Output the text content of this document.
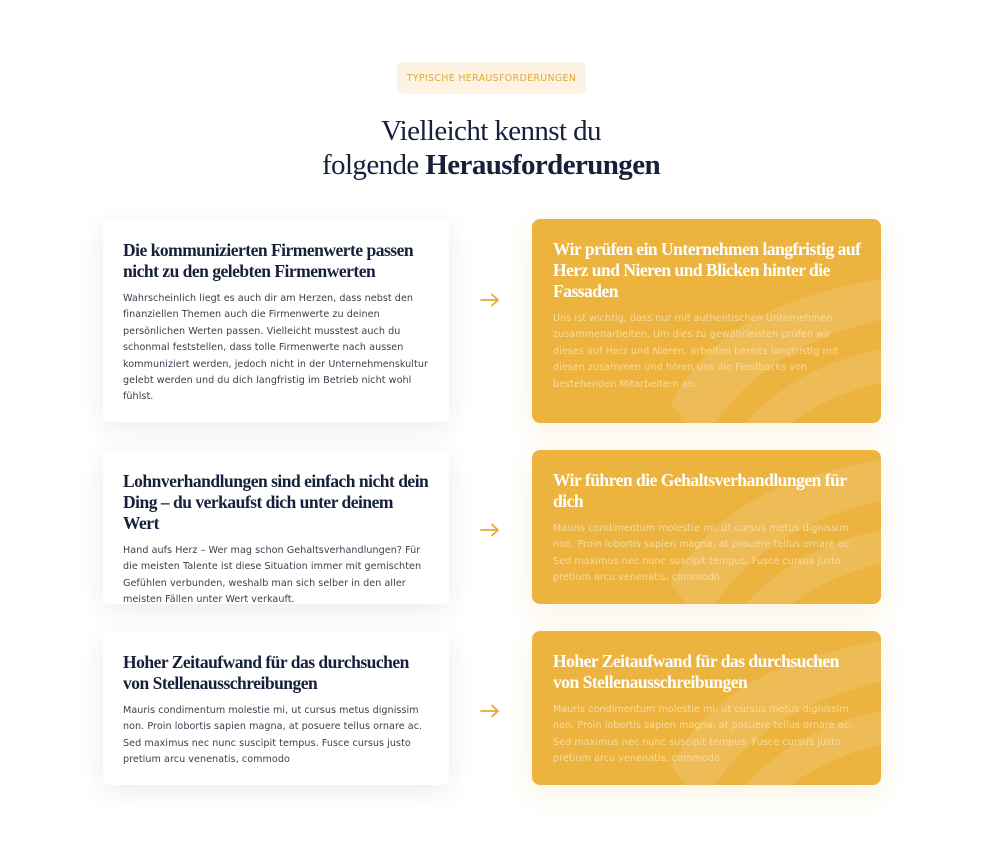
TYPISCHE HERAUSFORDERUNGEN
Vielleicht kennst du
folgende Herausforderungen
Die kommunizierten Firmenwerte passen nicht zu den gelebten Firmenwerten

Wahrscheinlich liegt es auch dir am Herzen, dass nebst den finanziellen Themen auch die Firmenwerte zu deinen persönlichen Werten passen. Vielleicht musstest auch du schonmal feststellen, dass tolle Firmenwerte nach aussen kommuniziert werden, jedoch nicht in der Unternehmenskultur gelebt werden und du dich langfristig im Betrieb nicht wohl fühlst.

Wir prüfen ein Unternehmen langfristig auf Herz und Nieren und Blicken hinter die Fassaden

Uns ist wichtig, dass nur mit authentischen Unternehmen zusammenarbeiten. Um dies zu gewährleisten prüfen wir dieses auf Herz und Nieren, arbeiten bereits langfristig mit diesen zusammen und hören uns die Feedbacks von bestehenden Mitarbeitern an.

Lohnverhandlungen sind einfach nicht dein Ding – du verkaufst dich unter deinem Wert

Hand aufs Herz – Wer mag schon Gehaltsverhandlungen? Für die meisten Talente ist diese Situation immer mit gemischten Gefühlen verbunden, weshalb man sich selber in den aller meisten Fällen unter Wert verkauft.

Wir führen die Gehaltsverhandlungen für dich

Mauris condimentum molestie mi, ut cursus metus dignissim non. Proin lobortis sapien magna, at posuere tellus ornare ac. Sed maximus nec nunc suscipit tempus. Fusce cursus justo pretium arcu venenatis, commodo

Hoher Zeitaufwand für das durchsuchen von Stellenausschreibungen

Mauris condimentum molestie mi, ut cursus metus dignissim non. Proin lobortis sapien magna, at posuere tellus ornare ac. Sed maximus nec nunc suscipit tempus. Fusce cursus justo pretium arcu venenatis, commodo

Hoher Zeitaufwand für das durchsuchen von Stellenausschreibungen

Mauris condimentum molestie mi, ut cursus metus dignissim non. Proin lobortis sapien magna, at posuere tellus ornare ac. Sed maximus nec nunc suscipit tempus. Fusce cursus justo pretium arcu venenatis, commodo
